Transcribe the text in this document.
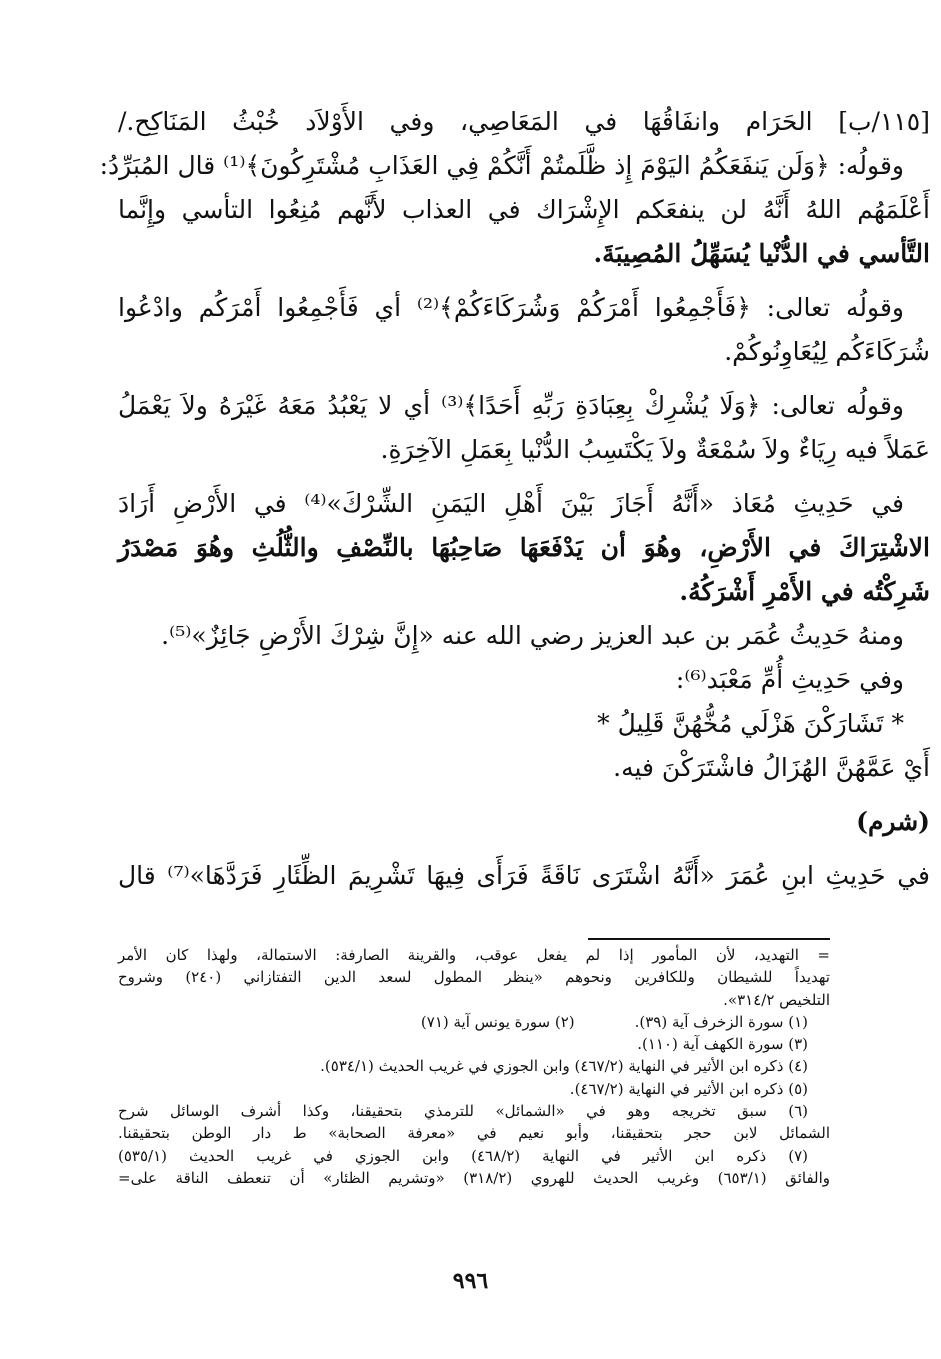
[١١٥/ب] الحَرَام وانفَاقُهَا في المَعَاصِي، وفي الأَوْلاَد خُبْثُ المَنَاكِح./
وقولُه: ﴿وَلَن يَنفَعَكُمُ اليَوْمَ إِذ ظَّلَمتُمْ أَنَّكُمْ فِي العَذَابِ مُشْتَرِكُونَ﴾⁽¹⁾ قال المُبَرِّدُ:
أَعْلَمَهُم اللهُ أَنَّهُ لن ينفعَكم الإِشْرَاك في العذاب لأَنَّهم مُنِعُوا التأسي وإِنَّما
التَّأسي في الدُّنْيا يُسَهِّلُ المُصِيبَةَ.
وقولُه تعالى: ﴿فَأَجْمِعُوا أَمْرَكُمْ وَشُرَكَاءَكُمْ﴾⁽²⁾ أي فَأَجْمِعُوا أَمْرَكُم وادْعُوا
شُرَكَاءَكُم لِيُعَاوِنُوكُمْ.
وقولُه تعالى: ﴿وَلَا يُشْرِكْ بِعِبَادَةِ رَبِّهِ أَحَدًا﴾⁽³⁾ أي لا يَعْبُدُ مَعَهُ غَيْرَهُ ولاَ يَعْمَلُ
عَمَلاً فيه رِيَاءٌ ولاَ سُمْعَةٌ ولاَ يَكْتَسِبُ الدُّنْيا بِعَمَلِ الآخِرَةِ.
في حَدِيثِ مُعَاذ «أَنَّهُ أَجَازَ بَيْنَ أَهْلِ اليَمَنِ الشِّرْكَ»⁽⁴⁾ في الأَرْضِ أَرَادَ
الاشْتِرَاكَ في الأَرْضِ، وهُوَ أن يَدْفَعَهَا صَاحِبُهَا بالنِّصْفِ والثُّلُثِ وهُوَ مَصْدَرُ
شَرِكْتُه في الأَمْرِ أَشْرَكُهُ.
ومنهُ حَدِيثُ عُمَر بن عبد العزيز رضي الله عنه «إِنَّ شِرْكَ الأَرْضِ جَائِزٌ»⁽⁵⁾.
وفي حَدِيثِ أُمِّ مَعْبَد⁽⁶⁾:
* تَشَارَكْنَ هَزْلَي مُخُّهُنَّ قَلِيلُ *
أَيْ عَمَّهُنَّ الهُزَالُ فاشْتَرَكْنَ فيه.
(شرم)
في حَدِيثِ ابنِ عُمَرَ «أَنَّهُ اشْتَرَى نَاقَةً فَرَأَى فِيهَا تَشْرِيمَ الظِّئَارِ فَرَدَّهَا»⁽⁷⁾ قال
= التهديد، لأن المأمور إذا لم يفعل عوقب، والقرينة الصارفة: الاستمالة، ولهذا كان الأمر
تهديداً للشيطان وللكافرين ونحوهم «ينظر المطول لسعد الدين التفتازاني (٢٤٠) وشروح
التلخيص ٣١٤/٢».
(١) سورة الزخرف آية (٣٩).
(٢) سورة يونس آية (٧١)
(٣) سورة الكهف آية (١١٠).
(٤) ذكره ابن الأثير في النهاية (٤٦٧/٢) وابن الجوزي في غريب الحديث (٥٣٤/١).
(٥) ذكره ابن الأثير في النهاية (٤٦٧/٢).
(٦) سبق تخريجه وهو في «الشمائل» للترمذي بتحقيقنا، وكذا أشرف الوسائل شرح
الشمائل لابن حجر بتحقيقنا، وأبو نعيم في «معرفة الصحابة» ط دار الوطن بتحقيقنا.
(٧) ذكره ابن الأثير في النهاية (٤٦٨/٢) وابن الجوزي في غريب الحديث (٥٣٥/١)
والفائق (٦٥٣/١) وغريب الحديث للهروي (٣١٨/٢) «وتشريم الظئار» أن تنعطف الناقة على=
٩٩٦
